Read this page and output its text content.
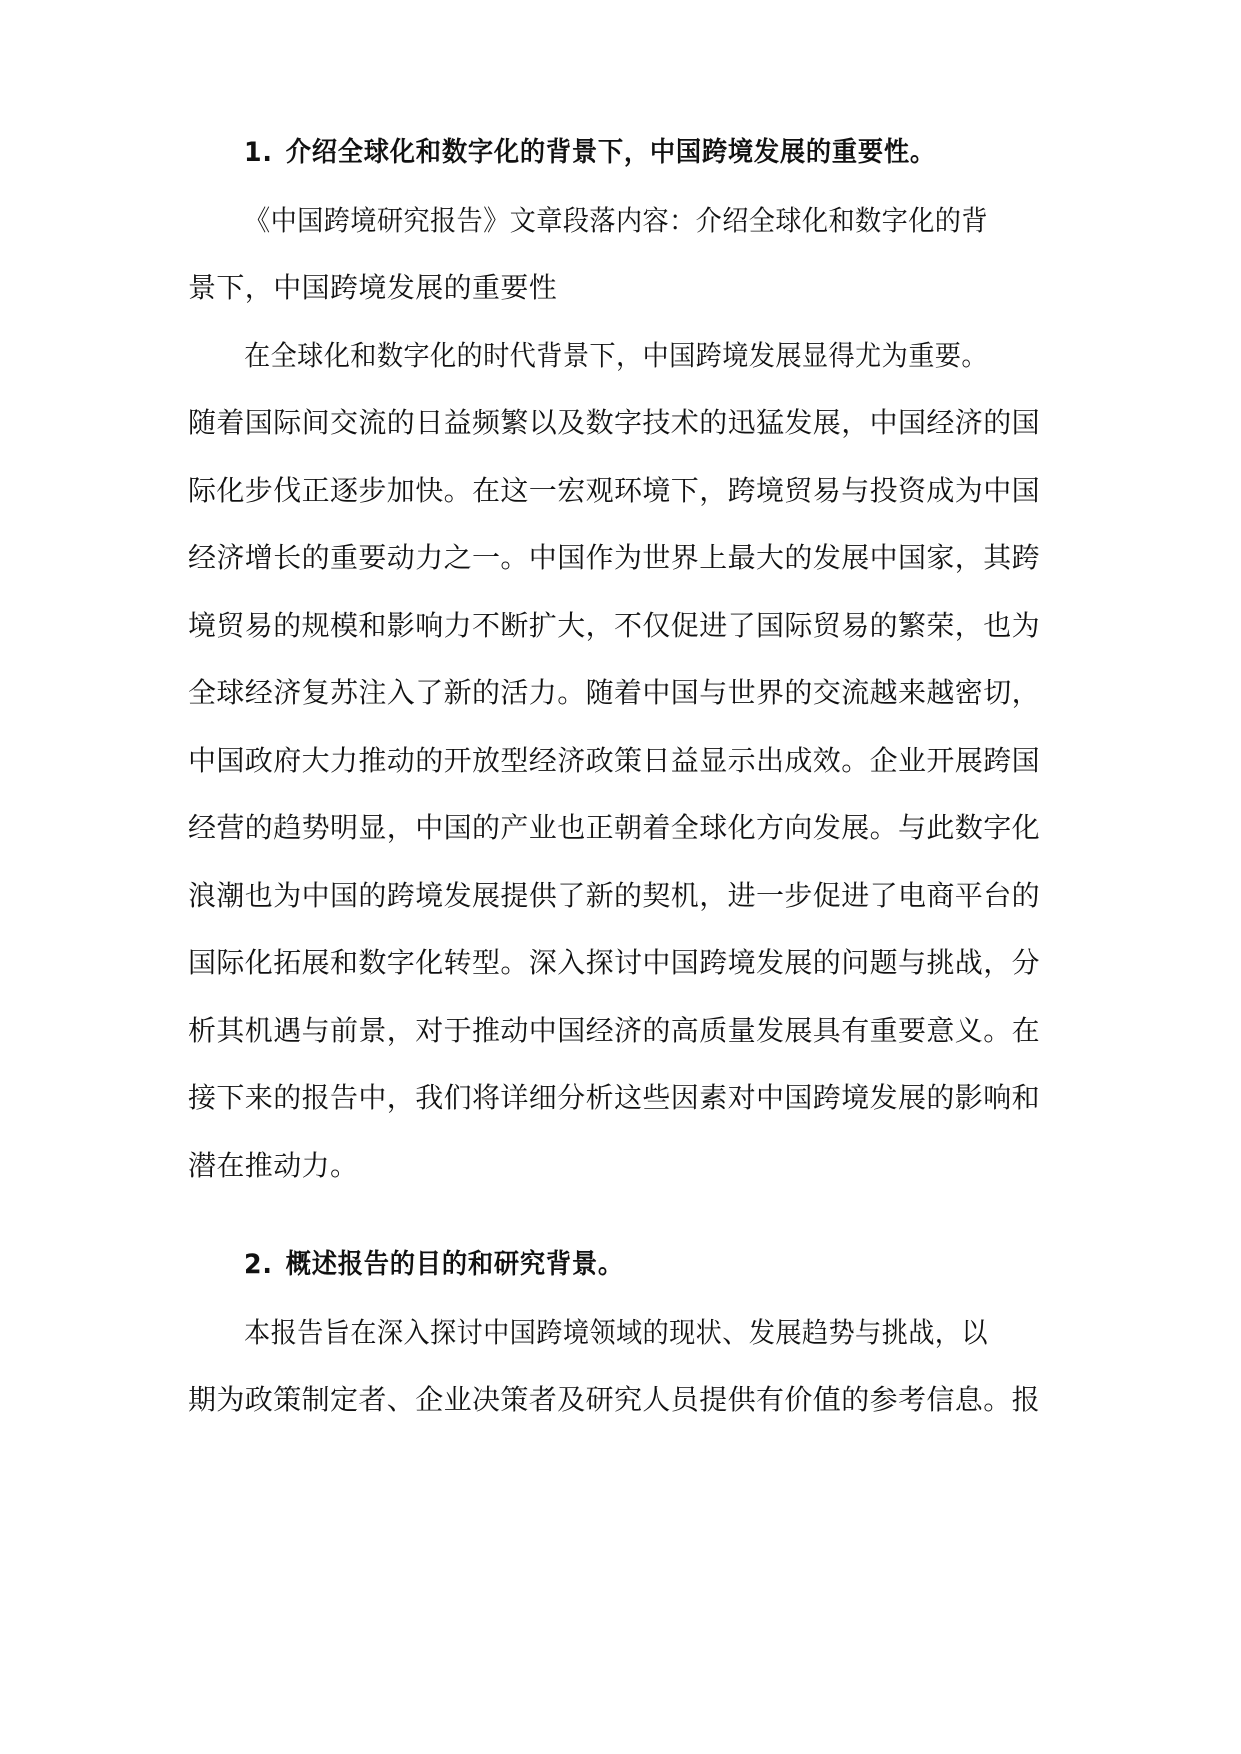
1. 介绍全球化和数字化的背景下，中国跨境发展的重要性。
《中国跨境研究报告》文章段落内容：介绍全球化和数字化的背
景下，中国跨境发展的重要性
在全球化和数字化的时代背景下，中国跨境发展显得尤为重要。
随着国际间交流的日益频繁以及数字技术的迅猛发展，中国经济的国
际化步伐正逐步加快。在这一宏观环境下，跨境贸易与投资成为中国
经济增长的重要动力之一。中国作为世界上最大的发展中国家，其跨
境贸易的规模和影响力不断扩大，不仅促进了国际贸易的繁荣，也为
全球经济复苏注入了新的活力。随着中国与世界的交流越来越密切，
中国政府大力推动的开放型经济政策日益显示出成效。企业开展跨国
经营的趋势明显，中国的产业也正朝着全球化方向发展。与此数字化
浪潮也为中国的跨境发展提供了新的契机，进一步促进了电商平台的
国际化拓展和数字化转型。深入探讨中国跨境发展的问题与挑战，分
析其机遇与前景，对于推动中国经济的高质量发展具有重要意义。在
接下来的报告中，我们将详细分析这些因素对中国跨境发展的影响和
潜在推动力。
2. 概述报告的目的和研究背景。
本报告旨在深入探讨中国跨境领域的现状、发展趋势与挑战，以
期为政策制定者、企业决策者及研究人员提供有价值的参考信息。报
